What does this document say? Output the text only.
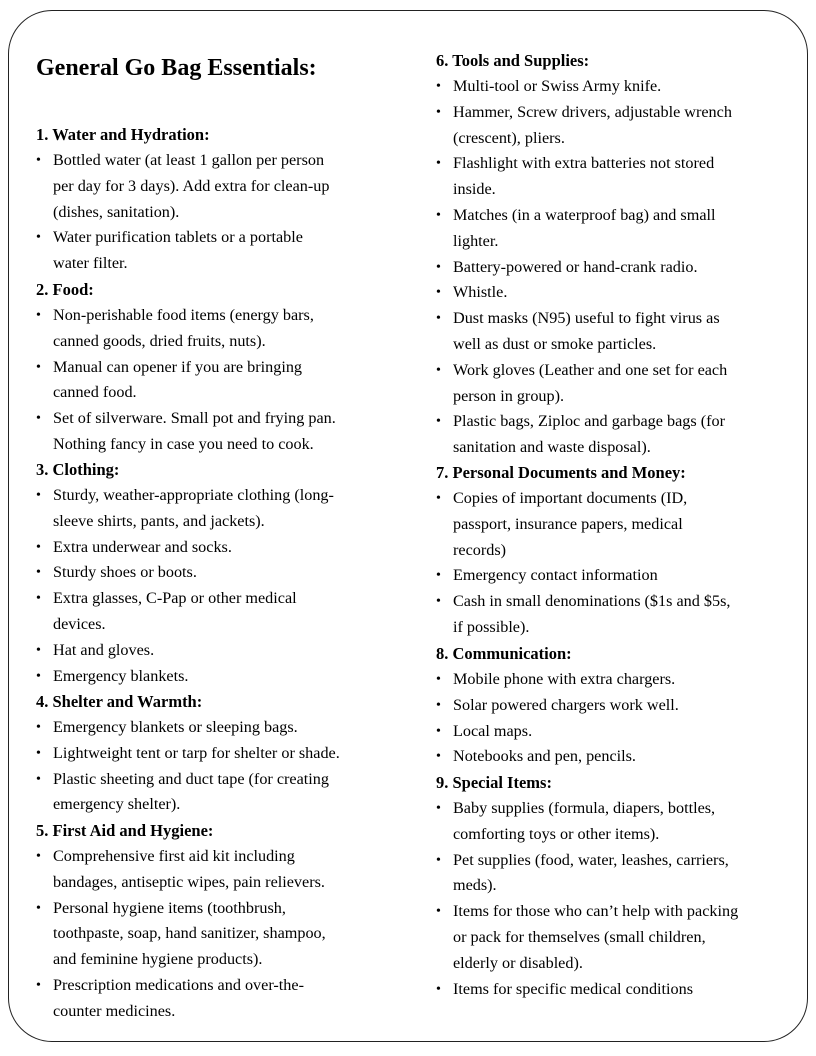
General Go Bag Essentials:
1. Water and Hydration:
• Bottled water (at least 1 gallon per person
per day for 3 days). Add extra for clean-up
(dishes, sanitation).
• Water purification tablets or a portable
water filter.
2. Food:
• Non-perishable food items (energy bars,
canned goods, dried fruits, nuts).
• Manual can opener if you are bringing
canned food.
• Set of silverware. Small pot and frying pan.
Nothing fancy in case you need to cook.
3. Clothing:
• Sturdy, weather-appropriate clothing (long-
sleeve shirts, pants, and jackets).
• Extra underwear and socks.
• Sturdy shoes or boots.
• Extra glasses, C-Pap or other medical
devices.
• Hat and gloves.
• Emergency blankets.
4. Shelter and Warmth:
• Emergency blankets or sleeping bags.
• Lightweight tent or tarp for shelter or shade.
• Plastic sheeting and duct tape (for creating
emergency shelter).
5. First Aid and Hygiene:
• Comprehensive first aid kit including
bandages, antiseptic wipes, pain relievers.
• Personal hygiene items (toothbrush,
toothpaste, soap, hand sanitizer, shampoo,
and feminine hygiene products).
• Prescription medications and over-the-
counter medicines.
6. Tools and Supplies:
• Multi-tool or Swiss Army knife.
• Hammer, Screw drivers, adjustable wrench
(crescent), pliers.
• Flashlight with extra batteries not stored
inside.
• Matches (in a waterproof bag) and small
lighter.
• Battery-powered or hand-crank radio.
• Whistle.
• Dust masks (N95) useful to fight virus as
well as dust or smoke particles.
• Work gloves (Leather and one set for each
person in group).
• Plastic bags, Ziploc and garbage bags (for
sanitation and waste disposal).
7. Personal Documents and Money:
• Copies of important documents (ID,
passport, insurance papers, medical
records)
• Emergency contact information
• Cash in small denominations ($1s and $5s,
if possible).
8. Communication:
• Mobile phone with extra chargers.
• Solar powered chargers work well.
• Local maps.
• Notebooks and pen, pencils.
9. Special Items:
• Baby supplies (formula, diapers, bottles,
comforting toys or other items).
• Pet supplies (food, water, leashes, carriers,
meds).
• Items for those who can’t help with packing
or pack for themselves (small children,
elderly or disabled).
• Items for specific medical conditions
